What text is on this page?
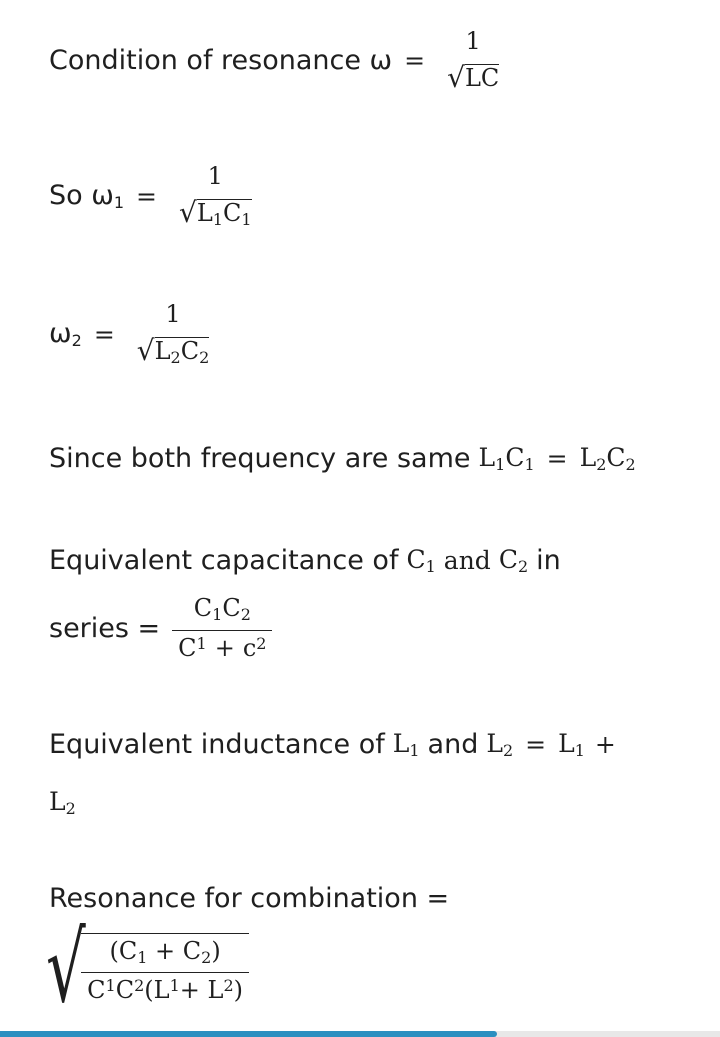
Condition of resonance ω =
1
√ LC
So $\omega_1$ =
1
√ $L_1C_1$
$\omega_2$ =
1
√ $L_2C_2$
Since both frequency are same $L_1C_1 = L_2C_2$
Equivalent capacitance of $C_1$ and $C_2$ in
series = $\frac{C_1C_2}{C 1 + c 2}$
Equivalent inductance of $L_1$ and $L_2 = L_1$ +
$L_2$
Resonance for combination =
√
$\frac{(C_1 + C_2)}{C 1 C 2 (L 1 + L 2 )}$
